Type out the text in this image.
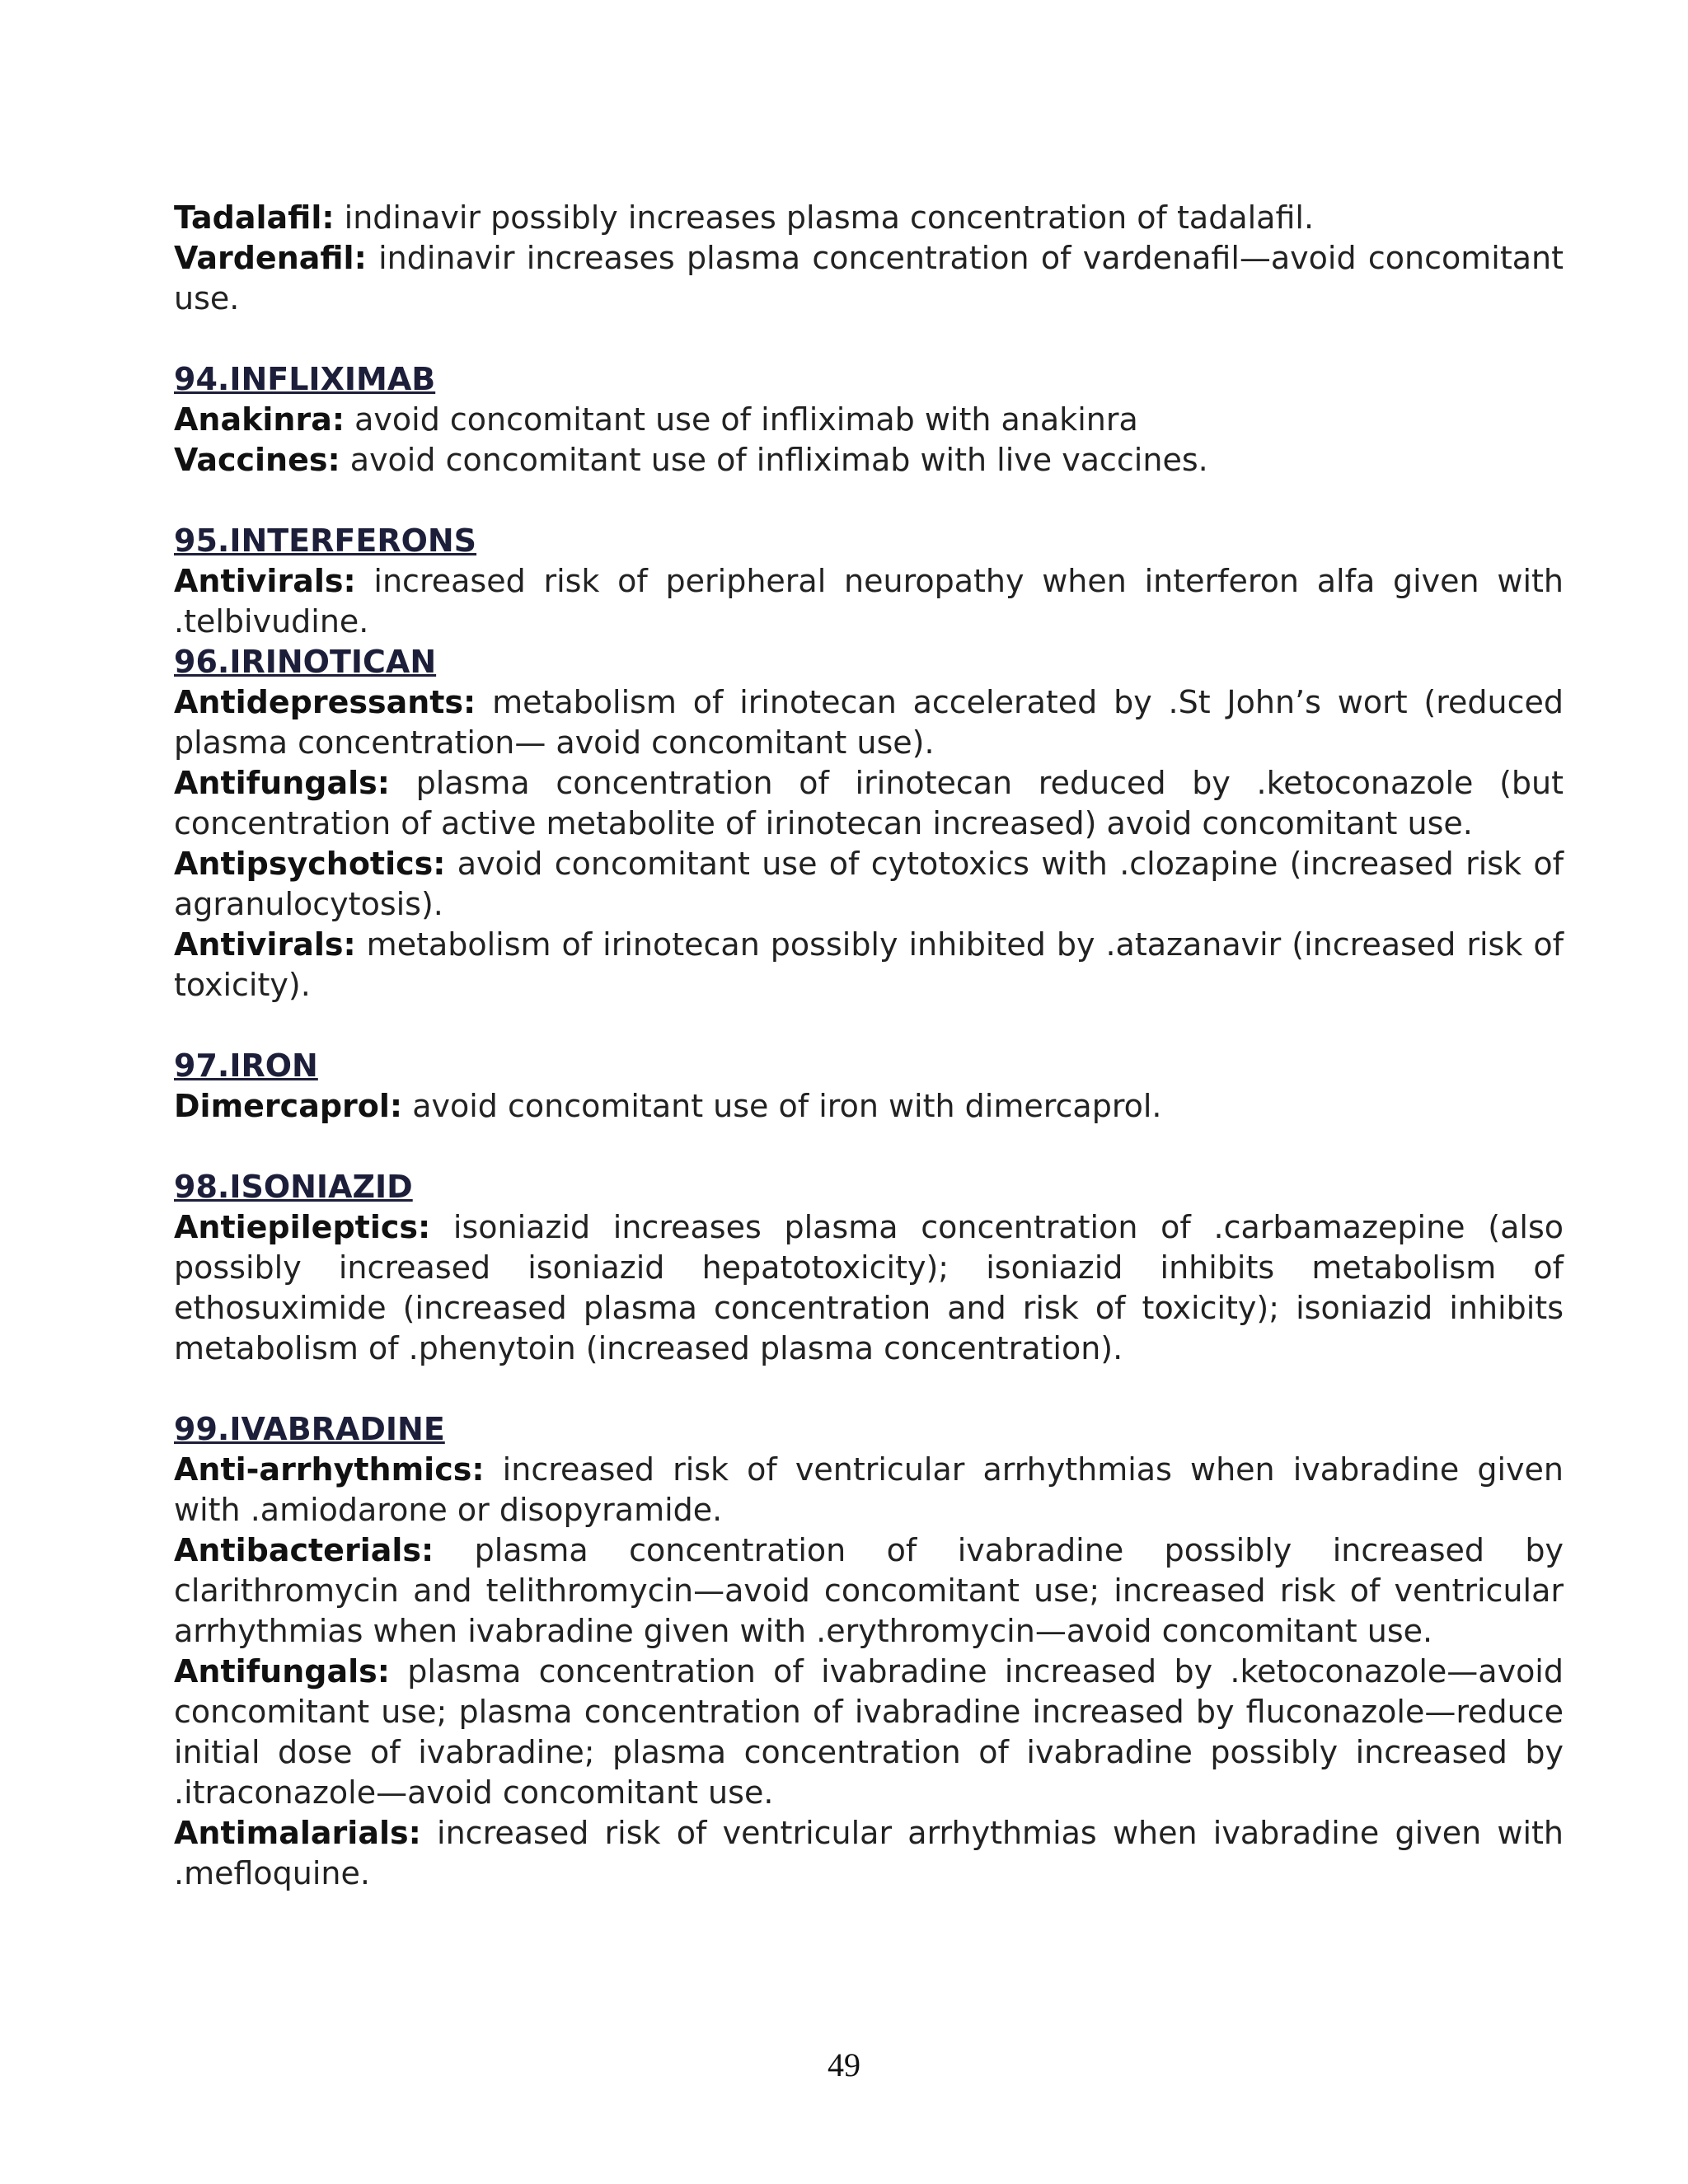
Tadalafil: indinavir possibly increases plasma concentration of tadalafil.

Vardenafil: indinavir increases plasma concentration of vardenafil—avoid concomitant use.

94.INFLIXIMAB

Anakinra: avoid concomitant use of infliximab with anakinra

Vaccines: avoid concomitant use of infliximab with live vaccines.

95.INTERFERONS

Antivirals: increased risk of peripheral neuropathy when interferon alfa given with .telbivudine.

96.IRINOTICAN

Antidepressants: metabolism of irinotecan accelerated by .St John’s wort (reduced plasma concentration— avoid concomitant use).

Antifungals: plasma concentration of irinotecan reduced by .ketoconazole (but concentration of active metabolite of irinotecan increased) avoid concomitant use.

Antipsychotics: avoid concomitant use of cytotoxics with .clozapine (increased risk of agranulocytosis).

Antivirals: metabolism of irinotecan possibly inhibited by .atazanavir (increased risk of toxicity).

97.IRON

Dimercaprol: avoid concomitant use of iron with dimercaprol.

98.ISONIAZID

Antiepileptics: isoniazid increases plasma concentration of .carbamazepine (also possibly increased isoniazid hepatotoxicity); isoniazid inhibits metabolism of ethosuximide (increased plasma concentration and risk of toxicity); isoniazid inhibits metabolism of .phenytoin (increased plasma concentration).

99.IVABRADINE

Anti-arrhythmics: increased risk of ventricular arrhythmias when ivabradine given with .amiodarone or disopyramide.

Antibacterials: plasma concentration of ivabradine possibly increased by clarithromycin and telithromycin—avoid concomitant use; increased risk of ventricular arrhythmias when ivabradine given with .erythromycin—avoid concomitant use.

Antifungals: plasma concentration of ivabradine increased by .ketoconazole—avoid concomitant use; plasma concentration of ivabradine increased by fluconazole—reduce initial dose of ivabradine; plasma concentration of ivabradine possibly increased by .itraconazole—avoid concomitant use.

Antimalarials: increased risk of ventricular arrhythmias when ivabradine given with .mefloquine.

49
